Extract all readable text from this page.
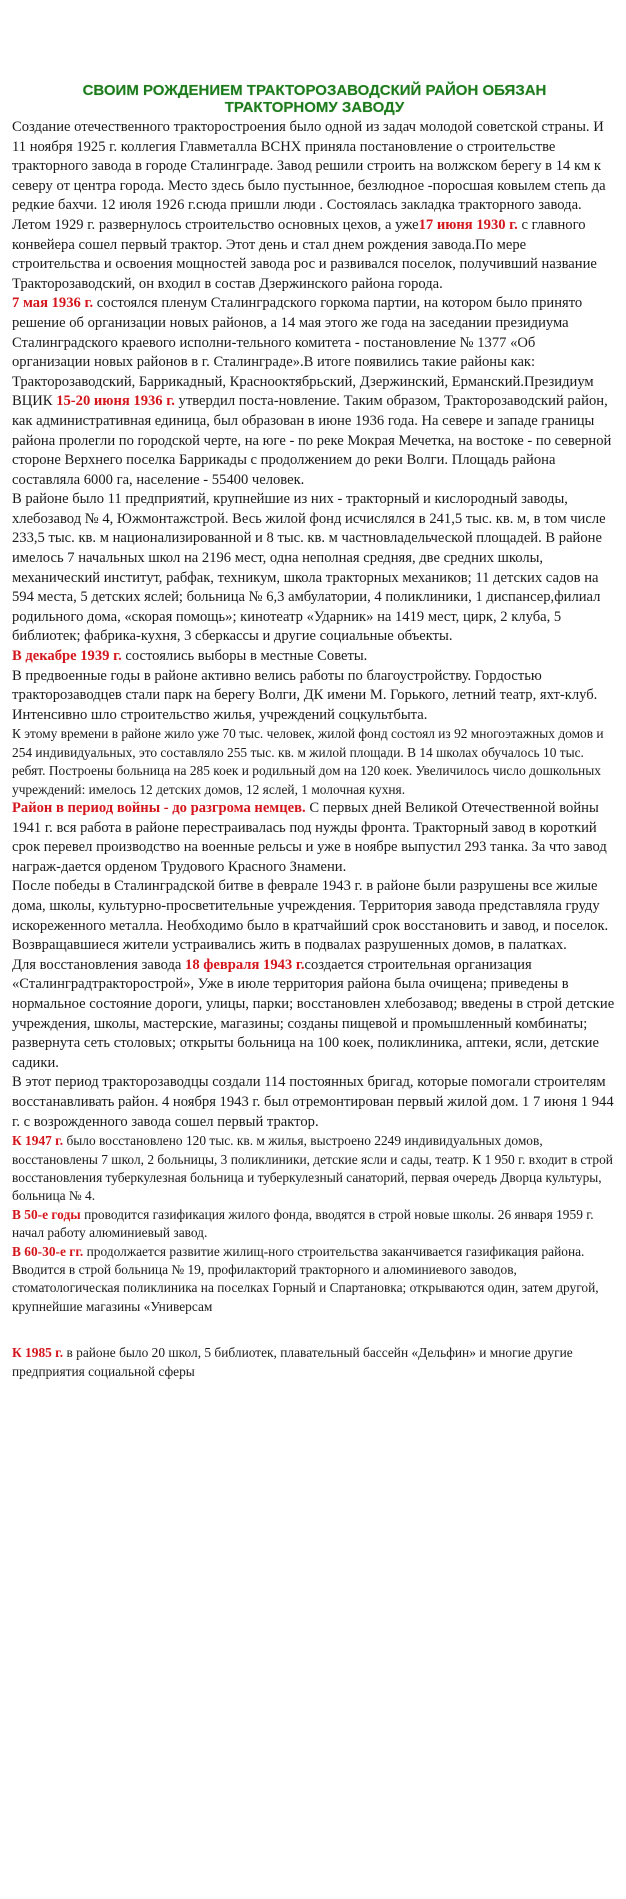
СВОИМ РОЖДЕНИЕМ ТРАКТОРОЗАВОДСКИЙ РАЙОН ОБЯЗАН
ТРАКТОРНОМУ ЗАВОДУ
Создание отечественного тракторостроения было одной из задач молодой советской страны. И 11 ноября 1925 г. коллегия Главметалла ВСНХ приняла постановление о строительстве тракторного завода в городе Сталинграде. Завод решили строить на волжском берегу в 14 км к северу от центра города. Место здесь было пустынное, безлюдное -поросшая ковылем степь да редкие бахчи. 12 июля 1926 г.сюда пришли люди . Состоялась закладка тракторного завода. Летом 1929 г. развернулось строительство основных цехов, а уже17 июня 1930 г. с главного конвейера сошел первый трактор. Этот день и стал днем рождения завода.По мере строительства и освоения мощностей завода рос и развивался поселок, получивший название Тракторозаводский, он входил в состав Дзержинского района города.
7 мая 1936 г. состоялся пленум Сталинградского горкома партии, на котором было принято решение об организации новых районов, а 14 мая этого же года на заседании президиума Сталинградского краевого исполни-тельного комитета - постановление № 1377 «Об организации новых районов в г. Сталинграде».В итоге появились такие районы как: Тракторозаводский, Баррикадный, Краснооктябрьский, Дзержинский, Ерманский.Президиум ВЦИК 15-20 июня 1936 г. утвердил поста-новление. Таким образом, Тракторозаводский район, как административная единица, был образован в июне 1936 года. На севере и западе границы района пролегли по городской черте, на юге - по реке Мокрая Мечетка, на востоке - по северной стороне Верхнего поселка Баррикады с продолжением до реки Волги. Площадь района составляла 6000 га, население - 55400 человек.
В районе было 11 предприятий, крупнейшие из них - тракторный и кислородный заводы, хлебозавод № 4, Южмонтажстрой. Весь жилой фонд исчислялся в 241,5 тыс. кв. м, в том числе 233,5 тыс. кв. м национализированной и 8 тыс. кв. м частновладельческой площадей. В районе имелось 7 начальных школ на 2196 мест, одна неполная средняя, две средних школы, механический институт, рабфак, техникум, школа тракторных механиков; 11 детских садов на 594 места, 5 детских яслей; больница № 6,3 амбулатории, 4 поликлиники, 1 диспансер,филиал родильного дома, «скорая помощь»; кинотеатр «Ударник» на 1419 мест, цирк, 2 клуба, 5 библиотек; фабрика-кухня, 3 сберкассы и другие социальные объекты.
В декабре 1939 г. состоялись выборы в местные Советы.
В предвоенные годы в районе активно велись работы по благоустройству. Гордостью тракторозаводцев стали парк на берегу Волги, ДК имени М. Горького, летний театр, яхт-клуб. Интенсивно шло строительство жилья, учреждений соцкультбыта.
К этому времени в районе жило уже 70 тыс. человек, жилой фонд состоял из 92 многоэтажных домов и 254 индивидуальных, это составляло 255 тыс. кв. м жилой площади. В 14 школах обучалось 10 тыс. ребят. Построены больница на 285 коек и родильный дом на 120 коек. Увеличилось число дошкольных учреждений: имелось 12 детских домов, 12 яслей, 1 молочная кухня.
Район в период войны - до разгрома немцев. С первых дней Великой Отечественной войны 1941 г. вся работа в районе перестраивалась под нужды фронта. Тракторный завод в короткий срок перевел производство на военные рельсы и уже в ноябре выпустил 293 танка. За что завод награж-дается орденом Трудового Красного Знамени.
После победы в Сталинградской битве в феврале 1943 г. в районе были разрушены все жилые дома, школы, культурно-просветительные учреждения. Территория завода представляла груду искореженного металла. Необходимо было в кратчайший срок восстановить и завод, и поселок. Возвращавшиеся жители устраивались жить в подвалах разрушенных домов, в палатках.
Для восстановления завода 18 февраля 1943 г.создается строительная организация «Сталинградтракторострой», Уже в июле территория района была очищена; приведены в нормальное состояние дороги, улицы, парки; восстановлен хлебозавод; введены в строй детские учреждения, школы, мастерские, магазины; созданы пищевой и промышленный комбинаты; развернута сеть столовых; открыты больница на 100 коек, поликлиника, аптеки, ясли, детские садики.
В этот период тракторозаводцы создали 114 постоянных бригад, которые помогали строителям восстанавливать район. 4 ноября 1943 г. был отремонтирован первый жилой дом. 1 7 июня 1 944 г. с возрожденного завода сошел первый трактор.
К 1947 г. было восстановлено 120 тыс. кв. м жилья, выстроено 2249 индивидуальных домов, восстановлены 7 школ, 2 больницы, 3 поликлиники, детские ясли и сады, театр. К 1 950 г. входит в строй восстановления туберкулезная больница и туберкулезный санаторий, первая очередь Дворца культуры, больница № 4.
В 50-е годы проводится газификация жилого фонда, вводятся в строй новые школы. 26 января 1959 г. начал работу алюминиевый завод.
В 60-30-е гг. продолжается развитие жилищ-ного строительства заканчивается газификация района. Вводится в строй больница № 19, профилакторий тракторного и алюминиевого заводов, стоматологическая поликлиника на поселках Горный и Спартановка; открываются один, затем другой, крупнейшие магазины «Универсам
К 1985 г. в районе было 20 школ, 5 библиотек, плавательный бассейн «Дельфин» и многие другие предприятия социальной сферы
